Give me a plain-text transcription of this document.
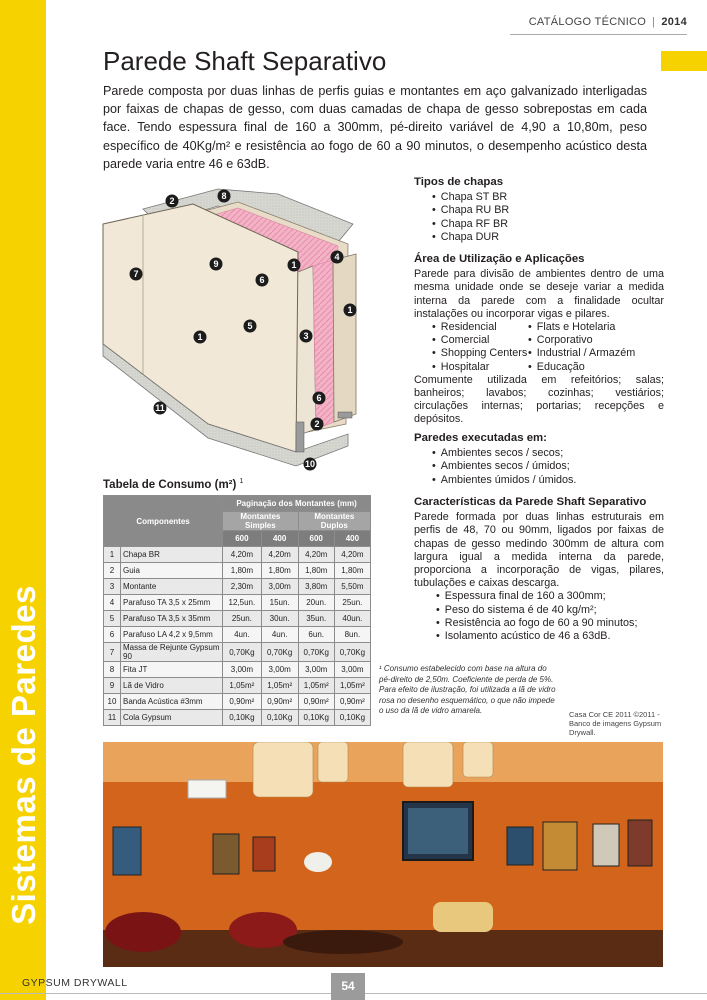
Sistemas de Paredes
CATÁLOGO TÉCNICO | 2014
Parede Shaft Separativo

Parede composta por duas linhas de perfis guias e montantes em aço galvanizado interligadas por faixas de chapas de gesso, com duas camadas de chapa de gesso sobrepostas em cada face. Tendo espessura final de 160 a 300mm, pé-direito variável de 4,90 a 10,80m, peso específico de 40Kg/m² e resistência ao fogo de 60 a 90 minutos, o desempenho acústico desta parede varia entre 46 e 63dB.

2	8
7
9
6
1
4
1
5
1	3
6
2
11
10
Tipos de chapas
• Chapa ST BR
• Chapa RU BR
• Chapa RF BR
• Chapa DUR
Área de Utilização e Aplicações

Parede para divisão de ambientes dentro de uma mesma unidade onde se deseje variar a medida interna da parede com a finalidade ocultar instalações ou incorporar vigas e pilares.

• Residencial	• Flats e Hotelaria
• Comercial	• Corporativo
• Shopping Centers • Industrial / Armazém
• Hospitalar	• Educação

Comumente utilizada em refeitórios; salas; banheiros; lavabos; cozinhas; vestiários; circulações internas; portarias; recepções e depósitos.

Paredes executadas em:
• Ambientes secos / secos;
• Ambientes secos / úmidos;
• Ambientes úmidos / úmidos.
Características da Parede Shaft Separativo

Parede formada por duas linhas estruturais em perfis de 48, 70 ou 90mm, ligados por faixas de chapas de gesso medindo 300mm de altura com largura igual a medida interna da parede, proporciona a incorporação de vigas, pilares, tubulações e caixas descarga.

• Espessura final de 160 a 300mm;
• Peso do sistema é de 40 kg/m²;
• Resistência ao fogo de 60 a 90 minutos;
• Isolamento acústico de 46 a 63dB.
Tabela de Consumo (m²) $^1$
Componentes		Paginação dos Montantes (mm)			
		Montantes Simples		Montantes Duplos	
		600	400	600	400
1	Chapa BR	4,20m	4,20m	4,20m	4,20m
2	Guia	1,80m	1,80m	1,80m	1,80m
3	Montante	2,30m	3,00m	3,80m	5,50m
4	Parafuso TA 3,5 x 25mm	12,5un.	15un.	20un.	25un.
5	Parafuso TA 3,5 x 35mm	25un.	30un.	35un.	40un.
6	Parafuso LA 4,2 x 9,5mm	4un.	4un.	6un.	8un.
7	Massa de Rejunte Gypsum 90	0,70Kg	0,70Kg	0,70Kg	0,70Kg
8	Fita JT	3,00m	3,00m	3,00m	3,00m
9	Lã de Vidro	1,05m²	1,05m²	1,05m²	1,05m²
10	Banda Acústica #3mm	0,90m²	0,90m²	0,90m²	0,90m²
11	Cola Gypsum	0,10Kg	0,10Kg	0,10Kg	0,10Kg
¹ Consumo estabelecido com base na altura do pé-direito de 2,50m. Coeficiente de perda de 5%.
Para efeito de ilustração, foi utilizada a lã de vidro rosa no desenho esquemático, o que não impede o uso da lã de vidro amarela.	Casa Cor CE 2011 ©2011 - Banco de imagens Gypsum Drywall.
GYPSUM DRYWALL	54
